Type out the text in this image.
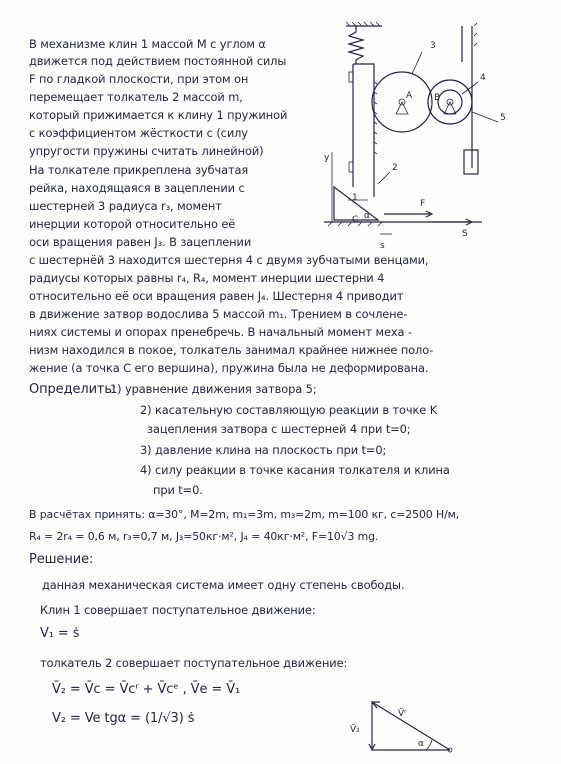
В механизме клин 1 массой M с углом α
движется под действием постоянной силы
F по гладкой плоскости, при этом он
перемещает толкатель 2 массой m,
который прижимается к клину 1 пружиной
с коэффициентом жёсткости c (силу
упругости пружины считать линейной)
На толкателе прикреплена зубчатая
рейка, находящаяся в зацеплении с
шестерней 3 радиуса r₃, момент
инерции которой относительно её
оси вращения равен J₃. В зацеплении
с шестернёй 3 находится шестерня 4 с двумя зубчатыми венцами,
радиусы которых равны r₄, R₄, момент инерции шестерни 4
относительно её оси вращения равен J₄. Шестерня 4 приводит
в движение затвор водослива 5 массой m₁. Трением в сочлене-
ниях системы и опорах пренебречь. В начальный момент меха -
низм находился в покое, толкатель занимал крайнее нижнее поло-
жение (а точка C его вершина), пружина была не деформирована.
Определить:
1) уравнение движения затвора 5;
2) касательную составляющую реакции в точке K
зацепления затвора с шестерней 4 при t=0;
3) давление клина на плоскость при t=0;
4) силу реакции в точке касания толкателя и клина
при t=0.
В расчётах принять: α=30°, M=2m, m₁=3m, m₃=2m, m=100 кг, c=2500 Н/м,
R₄ = 2r₄ = 0,6 м, r₃=0,7 м, J₃=50кг·м², J₄ = 40кг·м², F=10√3 mg.
Решение:
данная механическая система имеет одну степень свободы.
Клин 1 совершает поступательное движение:
V₁ = ṡ
толкатель 2 совершает поступательное движение:
V̄₂ = V̄c = V̄cʳ + V̄cᵉ , V̄e = V̄₁
V₂ = Ve tgα = (1/√3) ṡ
A B
3
4
5
2
1
y
C α
F
s
S
V̄₂
V̄ʳ
α
